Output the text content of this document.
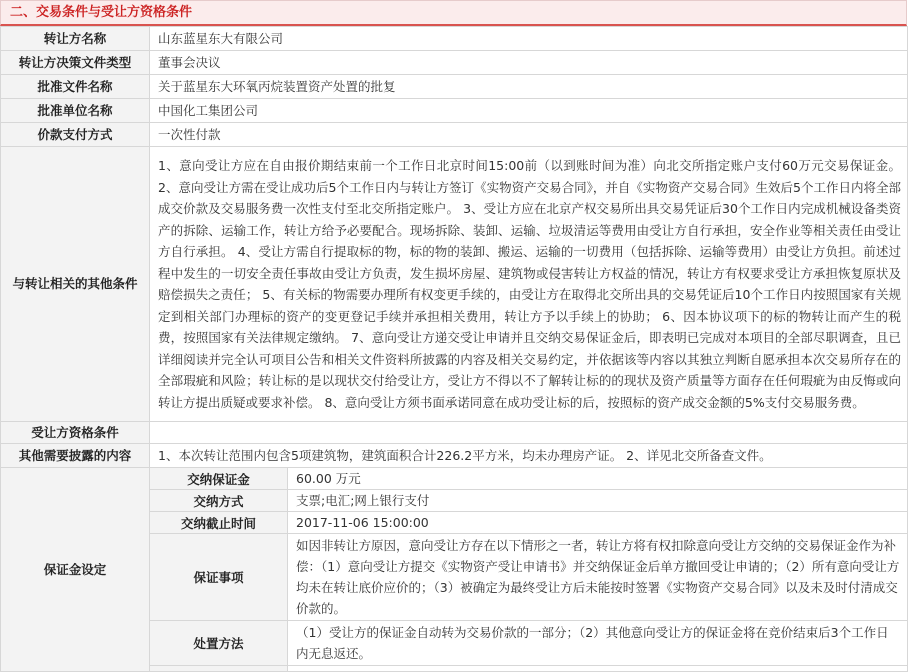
二、交易条件与受让方资格条件
转让方名称	山东蓝星东大有限公司	
转让方决策文件类型	董事会决议	
批准文件名称	关于蓝星东大环氧丙烷装置资产处置的批复	
批准单位名称	中国化工集团公司	
价款支付方式	一次性付款	
与转让相关的其他条件	1、意向受让方应在自由报价期结束前一个工作日北京时间15:00前（以到账时间为准）向北交所指定账户支付60万元交易保证金。 2、意向受让方需在受让成功后5个工作日内与转让方签订《实物资产交易合同》，并自《实物资产交易合同》生效后5个工作日内将全部成交价款及交易服务费一次性支付至北交所指定账户。 3、受让方应在北京产权交易所出具交易凭证后30个工作日内完成机械设备类资产的拆除、运输工作，转让方给予必要配合。现场拆除、装卸、运输、垃圾清运等费用由受让方自行承担，安全作业等相关责任由受让方自行承担。 4、受让方需自行提取标的物，标的物的装卸、搬运、运输的一切费用（包括拆除、运输等费用）由受让方负担。前述过程中发生的一切安全责任事故由受让方负责，发生损坏房屋、建筑物或侵害转让方权益的情况，转让方有权要求受让方承担恢复原状及赔偿损失之责任； 5、有关标的物需要办理所有权变更手续的，由受让方在取得北交所出具的交易凭证后10个工作日内按照国家有关规定到相关部门办理标的资产的变更登记手续并承担相关费用，转让方予以手续上的协助； 6、因本协议项下的标的物转让而产生的税费，按照国家有关法律规定缴纳。 7、意向受让方递交受让申请并且交纳交易保证金后，即表明已完成对本项目的全部尽职调查，且已详细阅读并完全认可项目公告和相关文件资料所披露的内容及相关交易约定，并依据该等内容以其独立判断自愿承担本次交易所存在的全部瑕疵和风险；转让标的是以现状交付给受让方，受让方不得以不了解转让标的的现状及资产质量等方面存在任何瑕疵为由反悔或向转让方提出质疑或要求补偿。 8、意向受让方须书面承诺同意在成功受让标的后，按照标的资产成交金额的5%支付交易服务费。	
受让方资格条件		
其他需要披露的内容	1、本次转让范围内包含5项建筑物，建筑面积合计226.2平方米，均未办理房产证。 2、详见北交所备查文件。	
保证金设定	交纳保证金	60.00 万元
	交纳方式	支票;电汇;网上银行支付
	交纳截止时间	2017-11-06 15:00:00
	保证事项	如因非转让方原因，意向受让方存在以下情形之一者，转让方将有权扣除意向受让方交纳的交易保证金作为补偿：（1）意向受让方提交《实物资产受让申请书》并交纳保证金后单方撤回受让申请的；（2）所有意向受让方均未在转让底价应价的；（3）被确定为最终受让方后未能按时签署《实物资产交易合同》以及未及时付清成交价款的。
	处置方法	（1）受让方的保证金自动转为交易价款的一部分；（2）其他意向受让方的保证金将在竞价结束后3个工作日内无息返还。
